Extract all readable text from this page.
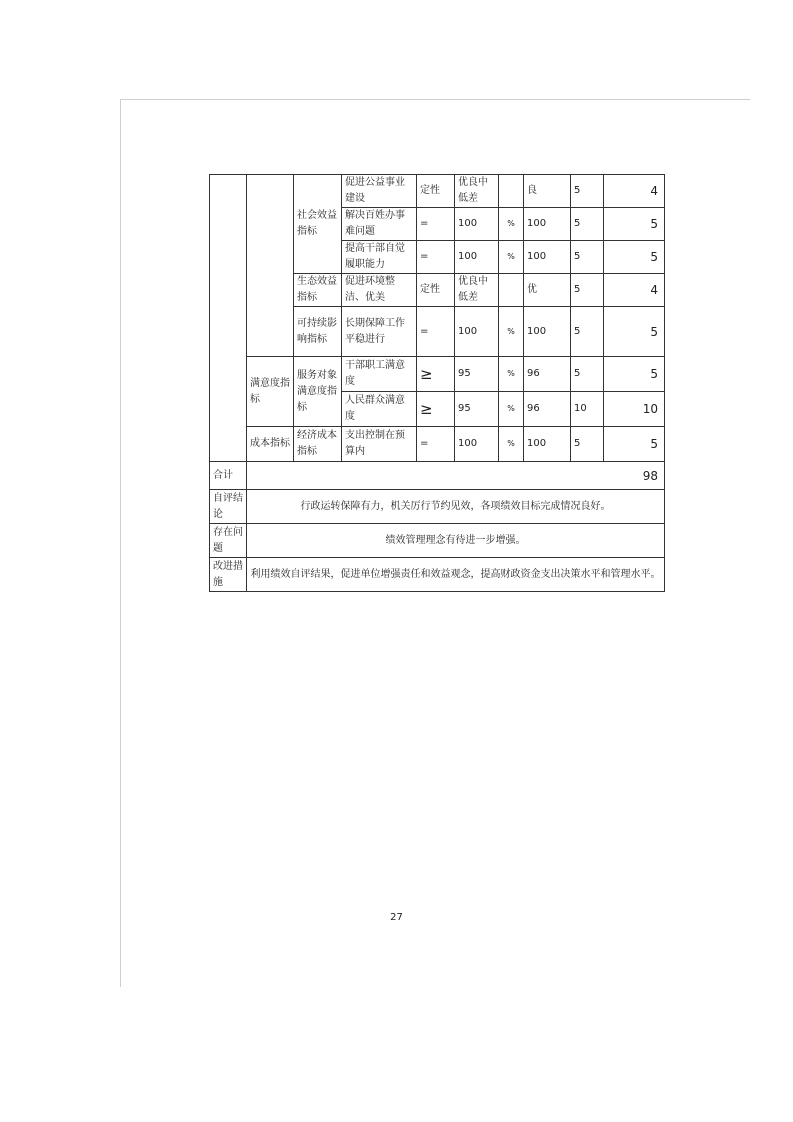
		社会效益指标	促进公益事业建设	定性	优良中低差		良	5	4
			解决百姓办事难问题	=	100	%	100	5	5
			提高干部自觉履职能力	=	100	%	100	5	5
		生态效益指标	促进环境整洁、优美	定性	优良中低差		优	5	4
		可持续影响指标	长期保障工作平稳进行	=	100	%	100	5	5
	满意度指标	服务对象满意度指标	干部职工满意度	≥	95	%	96	5	5
			人民群众满意度	≥	95	%	96	10	10
	成本指标	经济成本指标	支出控制在预算内	=	100	%	100	5	5
合计	98								
自评结论	行政运转保障有力，机关厉行节约见效，各项绩效目标完成情况良好。								
存在问题	绩效管理理念有待进一步增强。								
改进措施	利用绩效自评结果，促进单位增强责任和效益观念，提高财政资金支出决策水平和管理水平。								
27
